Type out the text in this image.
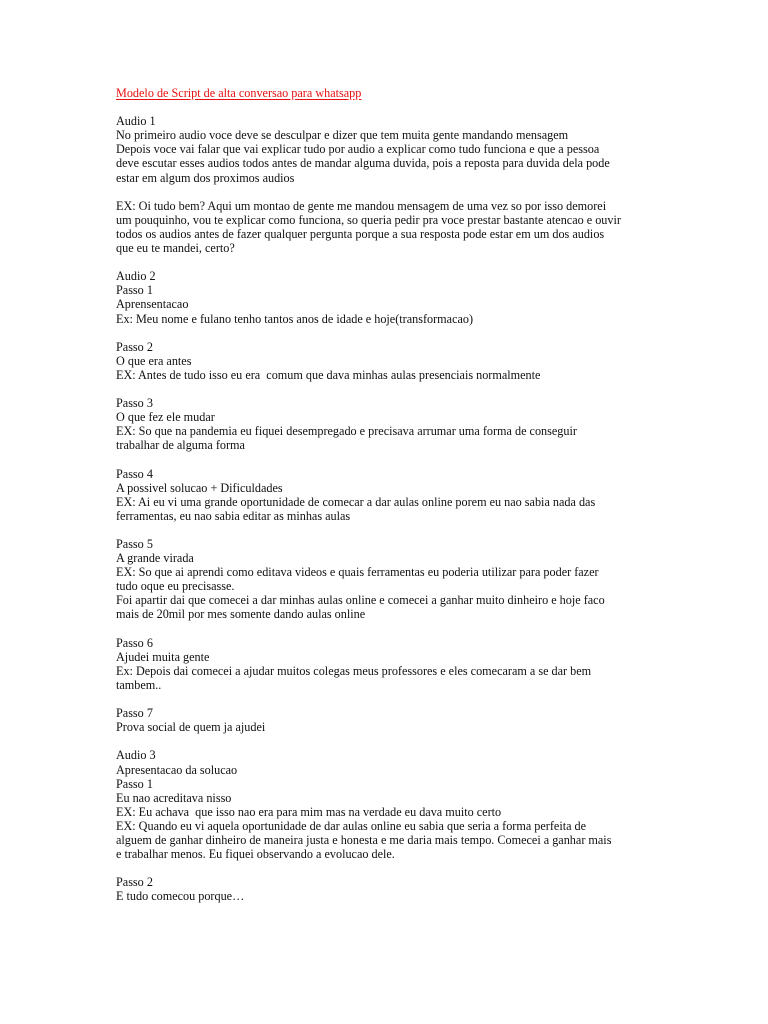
Modelo de Script de alta conversao para whatsapp

Audio 1

No primeiro audio voce deve se desculpar e dizer que tem muita gente mandando mensagem

Depois voce vai falar que vai explicar tudo por audio a explicar como tudo funciona e que a pessoa

deve escutar esses audios todos antes de mandar alguma duvida, pois a reposta para duvida dela pode

estar em algum dos proximos audios

EX: Oi tudo bem? Aqui um montao de gente me mandou mensagem de uma vez so por isso demorei

um pouquinho, vou te explicar como funciona, so queria pedir pra voce prestar bastante atencao e ouvir

todos os audios antes de fazer qualquer pergunta porque a sua resposta pode estar em um dos audios

que eu te mandei, certo?

Audio 2

Passo 1

Aprensentacao

Ex: Meu nome e fulano tenho tantos anos de idade e hoje(transformacao)

Passo 2

O que era antes

EX: Antes de tudo isso eu era  comum que dava minhas aulas presenciais normalmente

Passo 3

O que fez ele mudar

EX: So que na pandemia eu fiquei desempregado e precisava arrumar uma forma de conseguir

trabalhar de alguma forma

Passo 4

A possivel solucao + Dificuldades

EX: Ai eu vi uma grande oportunidade de comecar a dar aulas online porem eu nao sabia nada das

ferramentas, eu nao sabia editar as minhas aulas

Passo 5

A grande virada

EX: So que ai aprendi como editava videos e quais ferramentas eu poderia utilizar para poder fazer

tudo oque eu precisasse.

Foi apartir dai que comecei a dar minhas aulas online e comecei a ganhar muito dinheiro e hoje faco

mais de 20mil por mes somente dando aulas online

Passo 6

Ajudei muita gente

Ex: Depois dai comecei a ajudar muitos colegas meus professores e eles comecaram a se dar bem

tambem..

Passo 7

Prova social de quem ja ajudei

Audio 3

Apresentacao da solucao

Passo 1

Eu nao acreditava nisso

EX: Eu achava  que isso nao era para mim mas na verdade eu dava muito certo

EX: Quando eu vi aquela oportunidade de dar aulas online eu sabia que seria a forma perfeita de

alguem de ganhar dinheiro de maneira justa e honesta e me daria mais tempo. Comecei a ganhar mais

e trabalhar menos. Eu fiquei observando a evolucao dele.

Passo 2

E tudo comecou porque…
